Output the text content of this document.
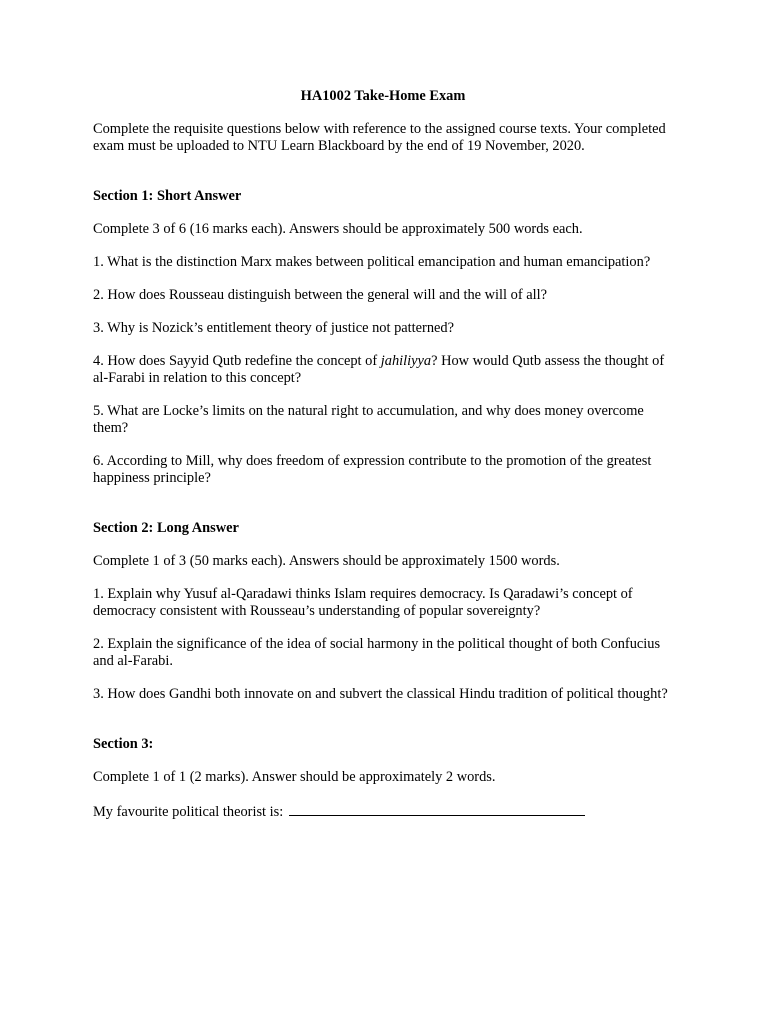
HA1002 Take-Home Exam

Complete the requisite questions below with reference to the assigned course texts. Your completed exam must be uploaded to NTU Learn Blackboard by the end of 19 November, 2020.

Section 1: Short Answer

Complete 3 of 6 (16 marks each). Answers should be approximately 500 words each.

1. What is the distinction Marx makes between political emancipation and human emancipation?

2. How does Rousseau distinguish between the general will and the will of all?

3. Why is Nozick’s entitlement theory of justice not patterned?

4. How does Sayyid Qutb redefine the concept of jahiliyya? How would Qutb assess the thought of al-Farabi in relation to this concept?

5. What are Locke’s limits on the natural right to accumulation, and why does money overcome them?

6. According to Mill, why does freedom of expression contribute to the promotion of the greatest happiness principle?

Section 2: Long Answer

Complete 1 of 3 (50 marks each). Answers should be approximately 1500 words.

1. Explain why Yusuf al-Qaradawi thinks Islam requires democracy. Is Qaradawi’s concept of democracy consistent with Rousseau’s understanding of popular sovereignty?

2. Explain the significance of the idea of social harmony in the political thought of both Confucius and al-Farabi.

3. How does Gandhi both innovate on and subvert the classical Hindu tradition of political thought?

Section 3:

Complete 1 of 1 (2 marks). Answer should be approximately 2 words.

My favourite political theorist is:
